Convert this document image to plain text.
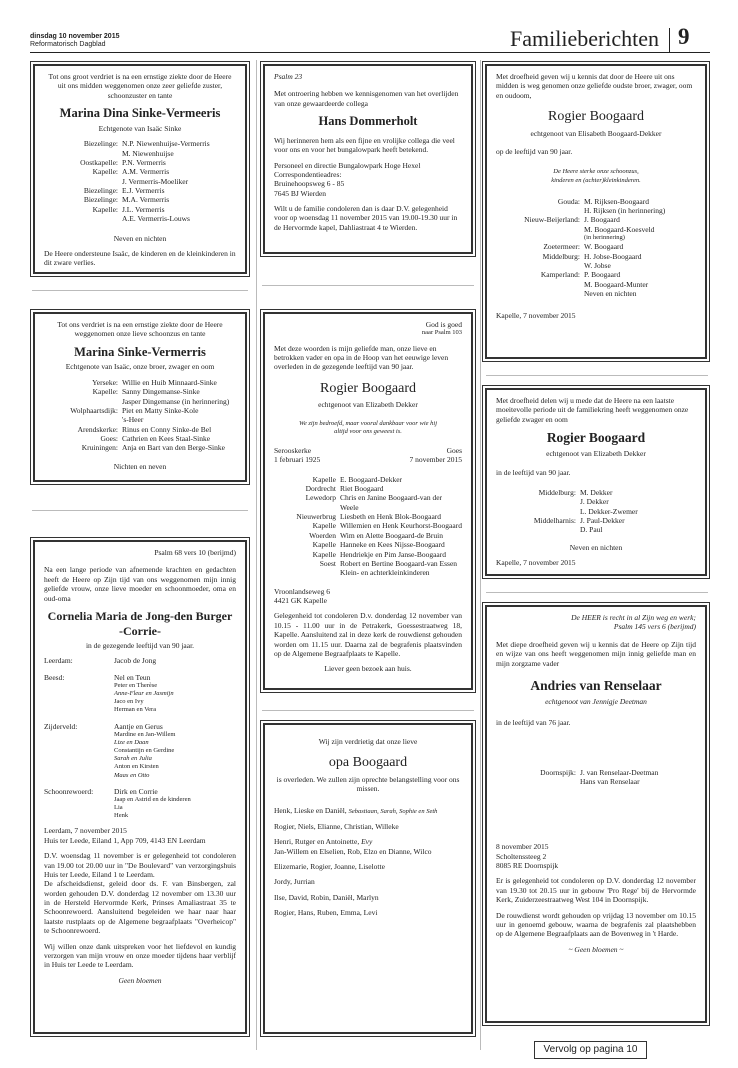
dinsdag 10 november 2015
Reformatorisch Dagblad	Familieberichten 9

Tot ons groot verdriet is na een ernstige ziekte door de Heere uit ons midden weggenomen onze zeer geliefde zuster, schoonzuster en tante

Marina Dina Sinke-Vermeeris

Echtgenote van Isaäc Sinke

Biezelinge: N.P. Niewenhuijse-Vermerris
M. Niewenhuijse
Oostkapelle: P.N. Vermerris
Kapelle: A.M. Vermerris
J. Vermerris-Moeliker
Biezelinge: E.J. Vermerris
Biezelinge: M.A. Vermerris
Kapelle: J.L. Vermerris
A.E. Vermerris-Louws

Neven en nichten

De Heere ondersteune Isaäc, de kinderen en de kleinkinderen in dit zware verlies.

Tot ons verdriet is na een ernstige ziekte door de Heere weggenomen onze lieve schoonzus en tante

Marina Sinke-Vermerris

Echtgenote van Isaäc, onze broer, zwager en oom

Yerseke: Willie en Huib Minnaard-Sinke
Kapelle: Sanny Dingemanse-Sinke
Jasper Dingemanse (in herinnering)
Wolphaartsdijk: Piet en Matty Sinke-Kole
's-Heer
Arendskerke: Rinus en Conny Sinke-de Bel
Goes: Cathrien en Kees Staal-Sinke
Kruiningen: Anja en Bart van den Berge-Sinke

Nichten en neven

Psalm 68 vers 10 (berijmd)

Na een lange periode van afnemende krachten en gedachten heeft de Heere op Zijn tijd van ons weggenomen mijn innig geliefde vrouw, onze lieve moeder en schoonmoeder, oma en oud-oma

Cornelia Maria de Jong-den Burger
-Corrie-

in de gezegende leeftijd van 90 jaar.

Leerdam:	Jacob de Jong
Beesd:	Nel en Teun
Peter en Therèse
Anne-Fleur en Jasmijn
Jaco en Ivy
Herman en Vera
Zijderveld:	Aantje en Gerus
Mardine en Jan-Willem
Lize en Daan
Constantijn en Gerdine
Sarah en Julia
Anton en Kirsten
Maas en Otto
Schoonrewoerd:	Dirk en Corrie
Jaap en Astrid en de kinderen
Lia
Henk

Leerdam, 7 november 2015
Huis ter Leede, Eiland 1, App 709, 4143 EN Leerdam

D.V. woensdag 11 november is er gelegenheid tot condoleren van 19.00 tot 20.00 uur in "De Boulevard" van verzorgingshuis Huis ter Leede, Eiland 1 te Leerdam.

De afscheidsdienst, geleid door ds. F. van Binsbergen, zal worden gehouden D.V. donderdag 12 november om 13.30 uur in de Hersteld Hervormde Kerk, Prinses Amaliastraat 35 te Schoonrewoerd. Aansluitend begeleiden we haar naar haar laatste rustplaats op de Algemene begraafplaats "Overheicop" te Schoonrewoerd.

Wij willen onze dank uitspreken voor het liefdevol en kundig verzorgen van mijn vrouw en onze moeder tijdens haar verblijf in Huis ter Leede te Leerdam.

Geen bloemen

Psalm 23

Met ontroering hebben we kennisgenomen van het overlijden van onze gewaardeerde collega

Hans Dommerholt

Wij herinneren hem als een fijne en vrolijke collega die veel voor ons en voor het bungalowpark heeft betekend.

Personeel en directie Bungalowpark Hoge Hexel
Correspondentieadres:
Bruinehoopsweg 6 - 85
7645 BJ Wierden

Wilt u de familie condoleren dan is daar D.V. gelegenheid voor op woensdag 11 november 2015 van 19.00-19.30 uur in de Hervormde kapel, Dahliastraat 4 te Wierden.

God is goed

naar Psalm 103

Met deze woorden is mijn geliefde man, onze lieve en betrokken vader en opa in de Hoop van het eeuwige leven overleden in de gezegende leeftijd van 90 jaar.

Rogier Boogaard

echtgenoot van Elizabeth Dekker

We zijn bedroefd, maar vooral dankbaar voor wie hij altijd voor ons geweest is.

Serooskerke	Goes
1 februari 1925	7 november 2015
Kapelle E. Boogaard-Dekker
Dordrecht Riet Boogaard
Lewedorp Chris en Janine Boogaard-van der Weele
Nieuwerbrug Liesbeth en Henk Blok-Boogaard
Kapelle Willemien en Henk Keurhorst-Boogaard
Woerden Wim en Alette Boogaard-de Bruin
Kapelle Hanneke en Kees Nijsse-Boogaard
Kapelle Hendriekje en Pim Janse-Boogaard
Soest Robert en Bertine Boogaard-van Essen
Klein- en achterkleinkinderen

Vroonlandseweg 6
4421 GK Kapelle

Gelegenheid tot condoleren D.v. donderdag 12 november van 10.15 - 11.00 uur in de Petrakerk, Goessestraatweg 18, Kapelle. Aansluitend zal in deze kerk de rouwdienst gehouden worden om 11.15 uur. Daarna zal de begrafenis plaatsvinden op de Algemene Begraafplaats te Kapelle.

Liever geen bezoek aan huis.

Wij zijn verdrietig dat onze lieve

opa Boogaard

is overleden. We zullen zijn oprechte belangstelling voor ons missen.

Henk, Lieske en Daniël, Sebastiaan, Sarah, Sophie en Seth

Rogier, Niels, Elianne, Christian, Willeke

Henri, Rutger en Antoinette, Evy
Jan-Willem en Elselien, Rob, Elzo en Dianne, Wilco

Elizemarie, Rogier, Joanne, Liselotte

Jordy, Jurrian

Ilse, David, Robin, Daniël, Marlyn

Rogier, Hans, Ruben, Emma, Levi

Met droefheid geven wij u kennis dat door de Heere uit ons midden is weg genomen onze geliefde oudste broer, zwager, oom en oudoom,

Rogier Boogaard

echtgenoot van Elisabeth Boogaard-Dekker

op de leeftijd van 90 jaar.

De Heere sterke onze schoonzus,
kinderen en (achter)kleinkinderen.

Gouda: M. Rijksen-Boogaard
H. Rijksen (in herinnering)
Nieuw-Beijerland: J. Boogaard
M. Boogaard-Koesveld
(in herinnering)
Zoetermeer: W. Boogaard
Middelburg: H. Jobse-Boogaard
W. Jobse
Kamperland: P. Boogaard
M. Boogaard-Munter
Neven en nichten

Kapelle, 7 november 2015

Met droefheid delen wij u mede dat de Heere na een laatste moeitevolle periode uit de familiekring heeft weggenomen onze geliefde zwager en oom

Rogier Boogaard

echtgenoot van Elizabeth Dekker

in de leeftijd van 90 jaar.

Middelburg: M. Dekker
J. Dekker
L. Dekker-Zwemer
Middelharnis: J. Paul-Dekker
D. Paul

Neven en nichten

Kapelle, 7 november 2015

De HEER is recht in al Zijn weg en werk;

Psalm 145 vers 6 (berijmd)

Met diepe droefheid geven wij u kennis dat de Heere op Zijn tijd en wijze van ons heeft weggenomen mijn innig geliefde man en mijn zorgzame vader

Andries van Renselaar

echtgenoot van Jennigje Deetman

in de leeftijd van 76 jaar.

Doornspijk: J. van Renselaar-Deetman
Hans van Renselaar

8 november 2015
Scholtenssteeg 2
8085 RE Doornspijk

Er is gelegenheid tot condoleren op D.V. donderdag 12 november van 19.30 tot 20.15 uur in gebouw 'Pro Rege' bij de Hervormde Kerk, Zuiderzeestraatweg West 104 in Doornspijk.

De rouwdienst wordt gehouden op vrijdag 13 november om 10.15 uur in genoemd gebouw, waarna de begrafenis zal plaatshebben op de Algemene Begraafplaats aan de Bovenweg in 't Harde.

~ Geen bloemen ~

Vervolg op pagina 10
